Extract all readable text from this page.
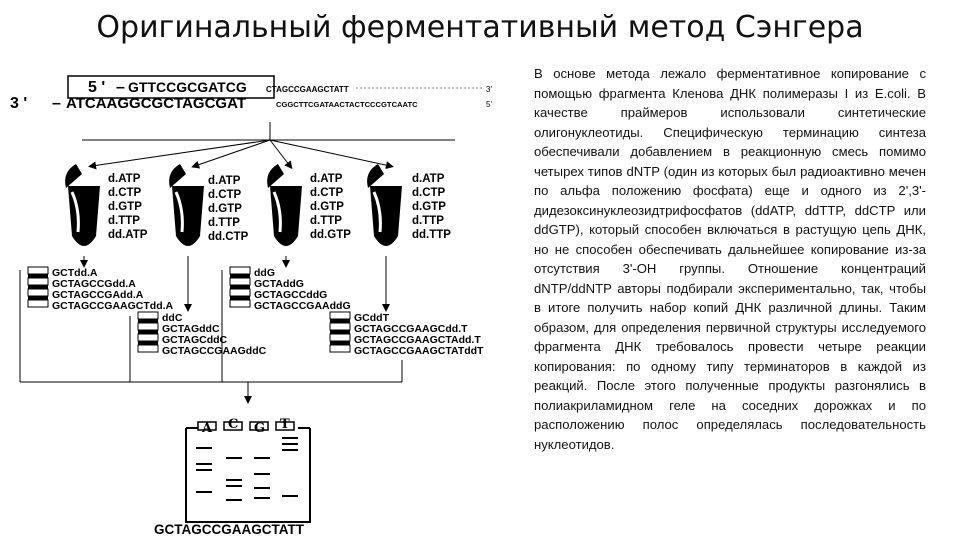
Оригинальный ферментативный метод Сэнгера
5 ' – GTTCCGCGATCG CTAGCCGAAGCTATT	3'
3 ' – ATCAAGGCGCTAGCGAT	CGGCTTCGATAACTACTCCCGTCAATC	5'
d.ATP
d.CTP
d.GTP
d.TTP
dd.ATP
d.ATP
d.CTP
d.GTP
d.TTP
dd.CTP
d.ATP
d.CTP
d.GTP
d.TTP
dd.GTP
d.ATP
d.CTP
d.GTP
d.TTP
dd.TTP
GCTdd.A
GCTAGCCGdd.A
GCTAGCCGAdd.A
GCTAGCCGAAGCTdd.A
ddG
GCTAddG
GCTAGCCddG
GCTAGCCGAAddG
ddC
GCTAGddC
GCTAGCddC
GCTAGCCGAAGddC
GCddT
GCTAGCCGAAGCdd.T
GCTAGCCGAAGCTAdd.T
GCTAGCCGAAGCTATddT
A C G T
GCTAGCCGAAGCTATT

В основе метода лежало ферментативное копирование с помощью фрагмента Кленова ДНК полимеразы I из E.coli. В качестве праймеров использовали синтетические олигонуклеотиды. Специфическую терминацию синтеза обеспечивали добавлением в реакционную смесь помимо четырех типов dNTP (один из которых был радиоактивно мечен по альфа положению фосфата) еще и одного из 2',3'-дидезоксинуклеозидтрифосфатов (ddATP, ddTTP, ddCTP или ddGTP), который способен включаться в растущую цепь ДНК, но не способен обеспечивать дальнейшее копирование из-за отсутствия 3'-OH группы. Отношение концентраций dNTP/ddNTP авторы подбирали экспериментально, так, чтобы в итоге получить набор копий ДНК различной длины. Таким образом, для определения первичной структуры исследуемого фрагмента ДНК требовалось провести четыре реакции копирования: по одному типу терминаторов в каждой из реакций. После этого полученные продукты разгонялись в полиакриламидном геле на соседних дорожках и по расположению полос определялась последовательность нуклеотидов.
